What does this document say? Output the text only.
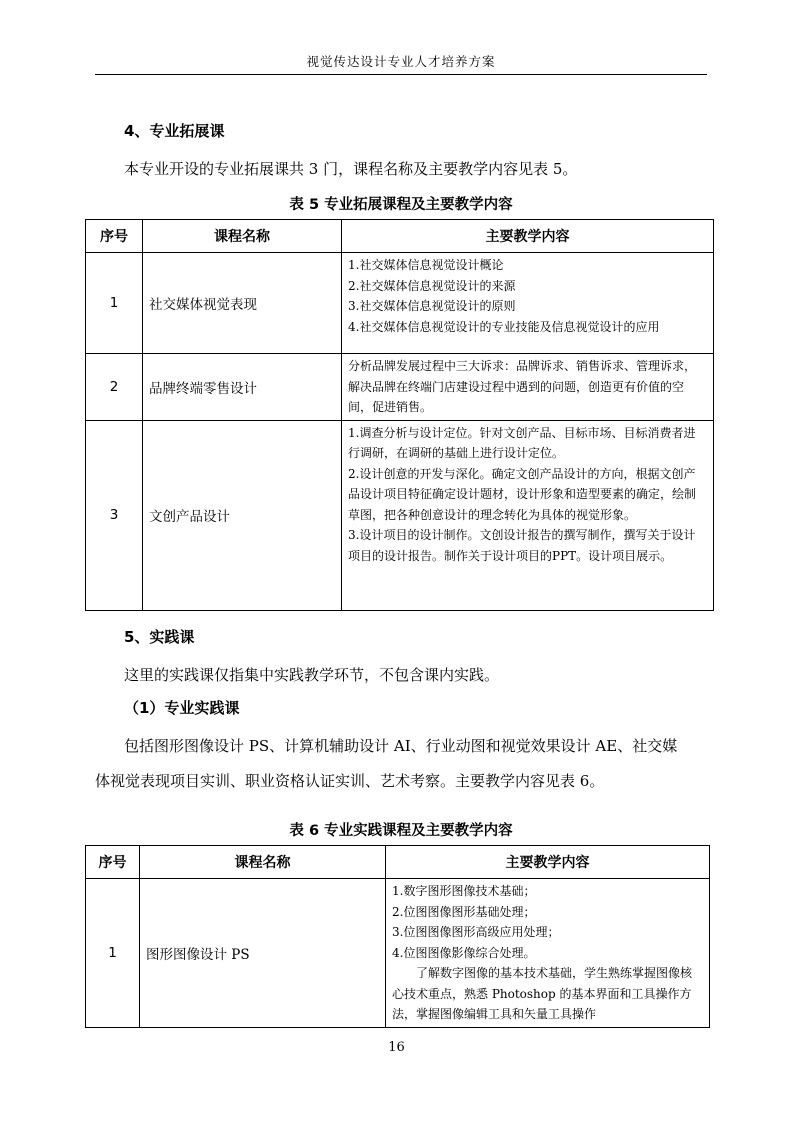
视觉传达设计专业人才培养方案
4、专业拓展课
本专业开设的专业拓展课共 3 门，课程名称及主要教学内容见表 5。
表 5 专业拓展课程及主要教学内容
序号	课程名称	主要教学内容
1	社交媒体视觉表现	1.社交媒体信息视觉设计概论
2.社交媒体信息视觉设计的来源
3.社交媒体信息视觉设计的原则
4.社交媒体信息视觉设计的专业技能及信息视觉设计的应用

2	品牌终端零售设计	分析品牌发展过程中三大诉求：品牌诉求、销售诉求、管理诉求，解决品牌在终端门店建设过程中遇到的问题，创造更有价值的空间，促进销售。

3	文创产品设计	1.调查分析与设计定位。针对文创产品、目标市场、目标消费者进行调研，在调研的基础上进行设计定位。
2.设计创意的开发与深化。确定文创产品设计的方向，根据文创产品设计项目特征确定设计题材，设计形象和造型要素的确定，绘制草图，把各种创意设计的理念转化为具体的视觉形象。
3.设计项目的设计制作。文创设计报告的撰写制作，撰写关于设计项目的设计报告。制作关于设计项目的PPT。设计项目展示。
5、实践课
这里的实践课仅指集中实践教学环节，不包含课内实践。
（1）专业实践课
包括图形图像设计 PS、计算机辅助设计 AI、行业动图和视觉效果设计 AE、社交媒
体视觉表现项目实训、职业资格认证实训、艺术考察。主要教学内容见表 6。
表 6 专业实践课程及主要教学内容
序号	课程名称	主要教学内容
1	图形图像设计 PS	1.数字图形图像技术基础；
2.位图图像图形基础处理；
3.位图图像图形高级应用处理；
4.位图图像影像综合处理。
了解数字图像的基本技术基础，学生熟练掌握图像核心技术重点，熟悉 Photoshop 的基本界面和工具操作方法，掌握图像编辑工具和矢量工具操作
16
